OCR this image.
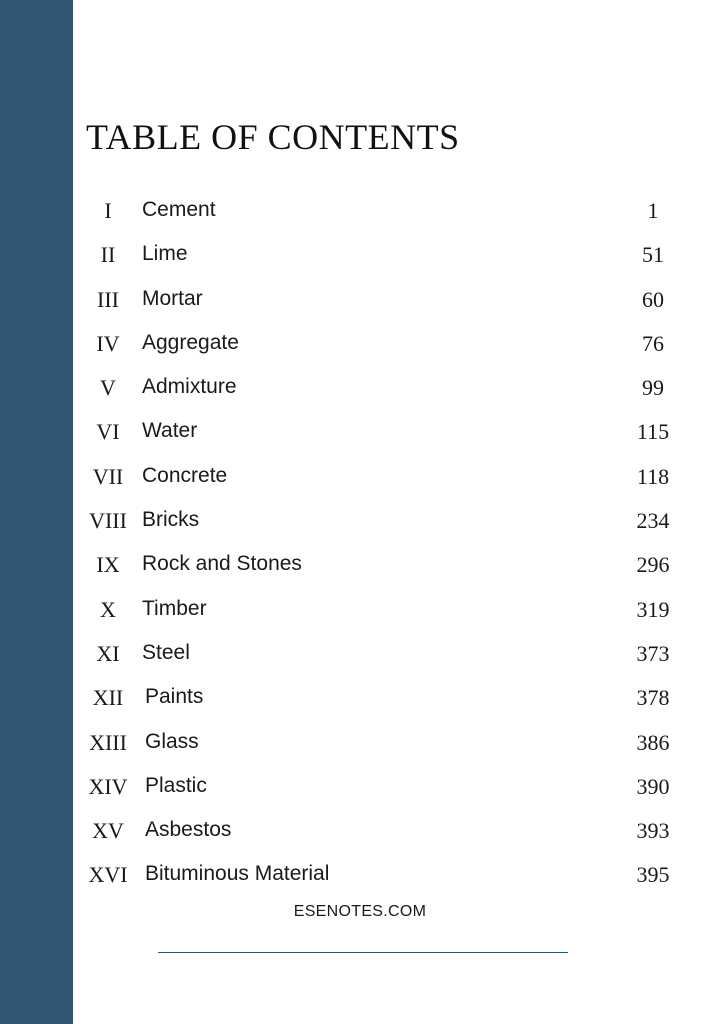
TABLE OF CONTENTS
I	Cement	1
II	Lime	51
III	Mortar	60
IV	Aggregate	76
V	Admixture	99
VI	Water	115
VII Concrete	118
VIII Bricks	234
IX	Rock and Stones	296
X	Timber	319
XI	Steel	373
XII	Paints	378
XIII Glass	386
XIV Plastic	390
XV Asbestos	393
XVI Bituminous Material	395
ESENOTES.COM
